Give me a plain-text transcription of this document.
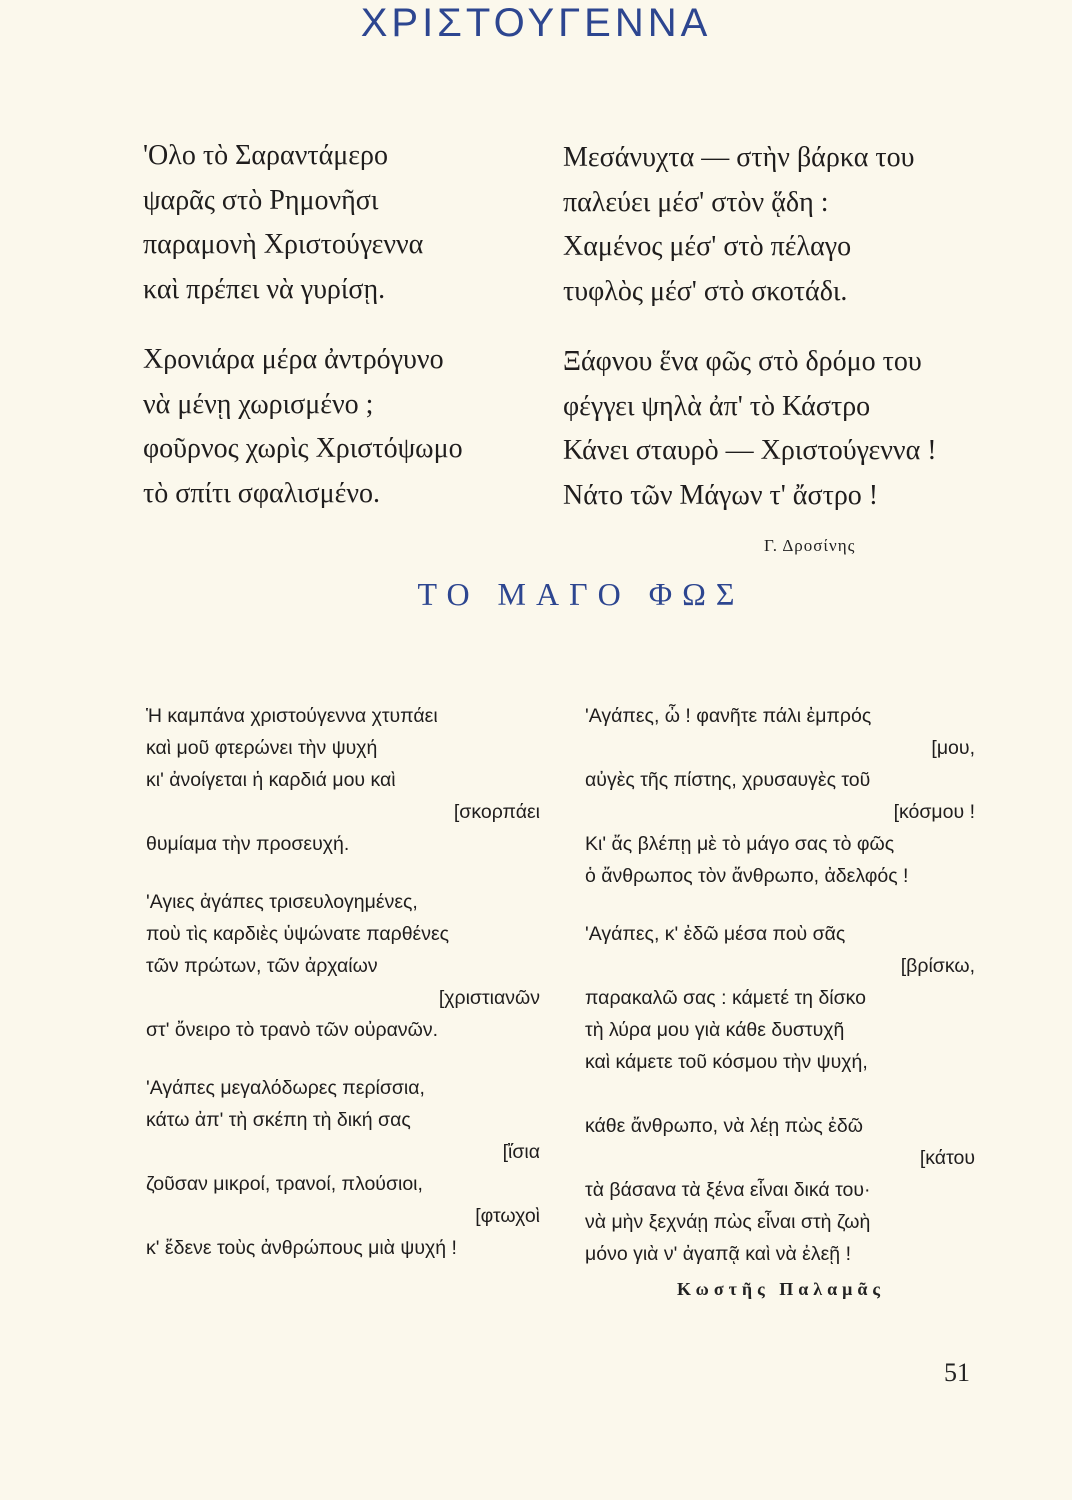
ΧΡΙΣΤΟΥΓΕΝΝΑ
'Ολο τὸ Σαραντάμερο
ψαρᾶς στὸ Ρημονῆσι
παραμονὴ Χριστούγεννα
καὶ πρέπει νὰ γυρίσῃ.
Χρονιάρα μέρα ἀντρόγυνο
νὰ μένῃ χωρισμένο ;
φοῦρνος χωρὶς Χριστόψωμο
τὸ σπίτι σφαλισμένο.
Μεσάνυχτα — στὴν βάρκα του
παλεύει μέσ' στὸν ᾅδη :
Χαμένος μέσ' στὸ πέλαγο
τυφλὸς μέσ' στὸ σκοτάδι.
Ξάφνου ἕνα φῶς στὸ δρόμο του
φέγγει ψηλὰ ἀπ' τὸ Κάστρο
Κάνει σταυρὸ — Χριστούγεννα !
Νάτο τῶν Μάγων τ' ἄστρο !
Γ. Δροσίνης
ΤΟ ΜΑΓΟ ΦΩΣ
Ἡ καμπάνα χριστούγεννα χτυπάει
καὶ μοῦ φτερώνει τὴν ψυχή
κι' ἀνοίγεται ἡ καρδιά μου καὶ
[σκορπάει
θυμίαμα τὴν προσευχή.
'Αγιες ἀγάπες τρισευλογημένες,
ποὺ τὶς καρδιὲς ὑψώνατε παρθένες
τῶν πρώτων, τῶν ἀρχαίων
[χριστιανῶν
στ' ὄνειρο τὸ τρανὸ τῶν οὐρανῶν.
'Αγάπες μεγαλόδωρες περίσσια,
κάτω ἀπ' τὴ σκέπη τὴ δική σας
[ἴσια
ζοῦσαν μικροί, τρανοί, πλούσιοι,
[φτωχοὶ
κ' ἔδενε τοὺς ἀνθρώπους μιὰ ψυχή !
'Αγάπες, ὦ ! φανῆτε πάλι ἐμπρός
[μου,
αὐγὲς τῆς πίστης, χρυσαυγὲς τοῦ
[κόσμου !
Κι' ἄς βλέπῃ μὲ τὸ μάγο σας τὸ φῶς
ὁ ἄνθρωπος τὸν ἄνθρωπο, ἀδελφός !
'Αγάπες, κ' ἐδῶ μέσα ποὺ σᾶς
[βρίσκω,
παρακαλῶ σας : κάμετέ τη δίσκο
τὴ λύρα μου γιὰ κάθε δυστυχῆ
καὶ κάμετε τοῦ κόσμου τὴν ψυχή,

κάθε ἄνθρωπο, νὰ λέῃ πὼς ἐδῶ
[κάτου
τὰ βάσανα τὰ ξένα εἶναι δικά του·
νὰ μὴν ξεχνάῃ πὼς εἶναι στὴ ζωὴ
μόνο γιὰ ν' ἀγαπᾷ καὶ νὰ ἐλεῇ !
Κωστῆς Παλαμᾶς
51
